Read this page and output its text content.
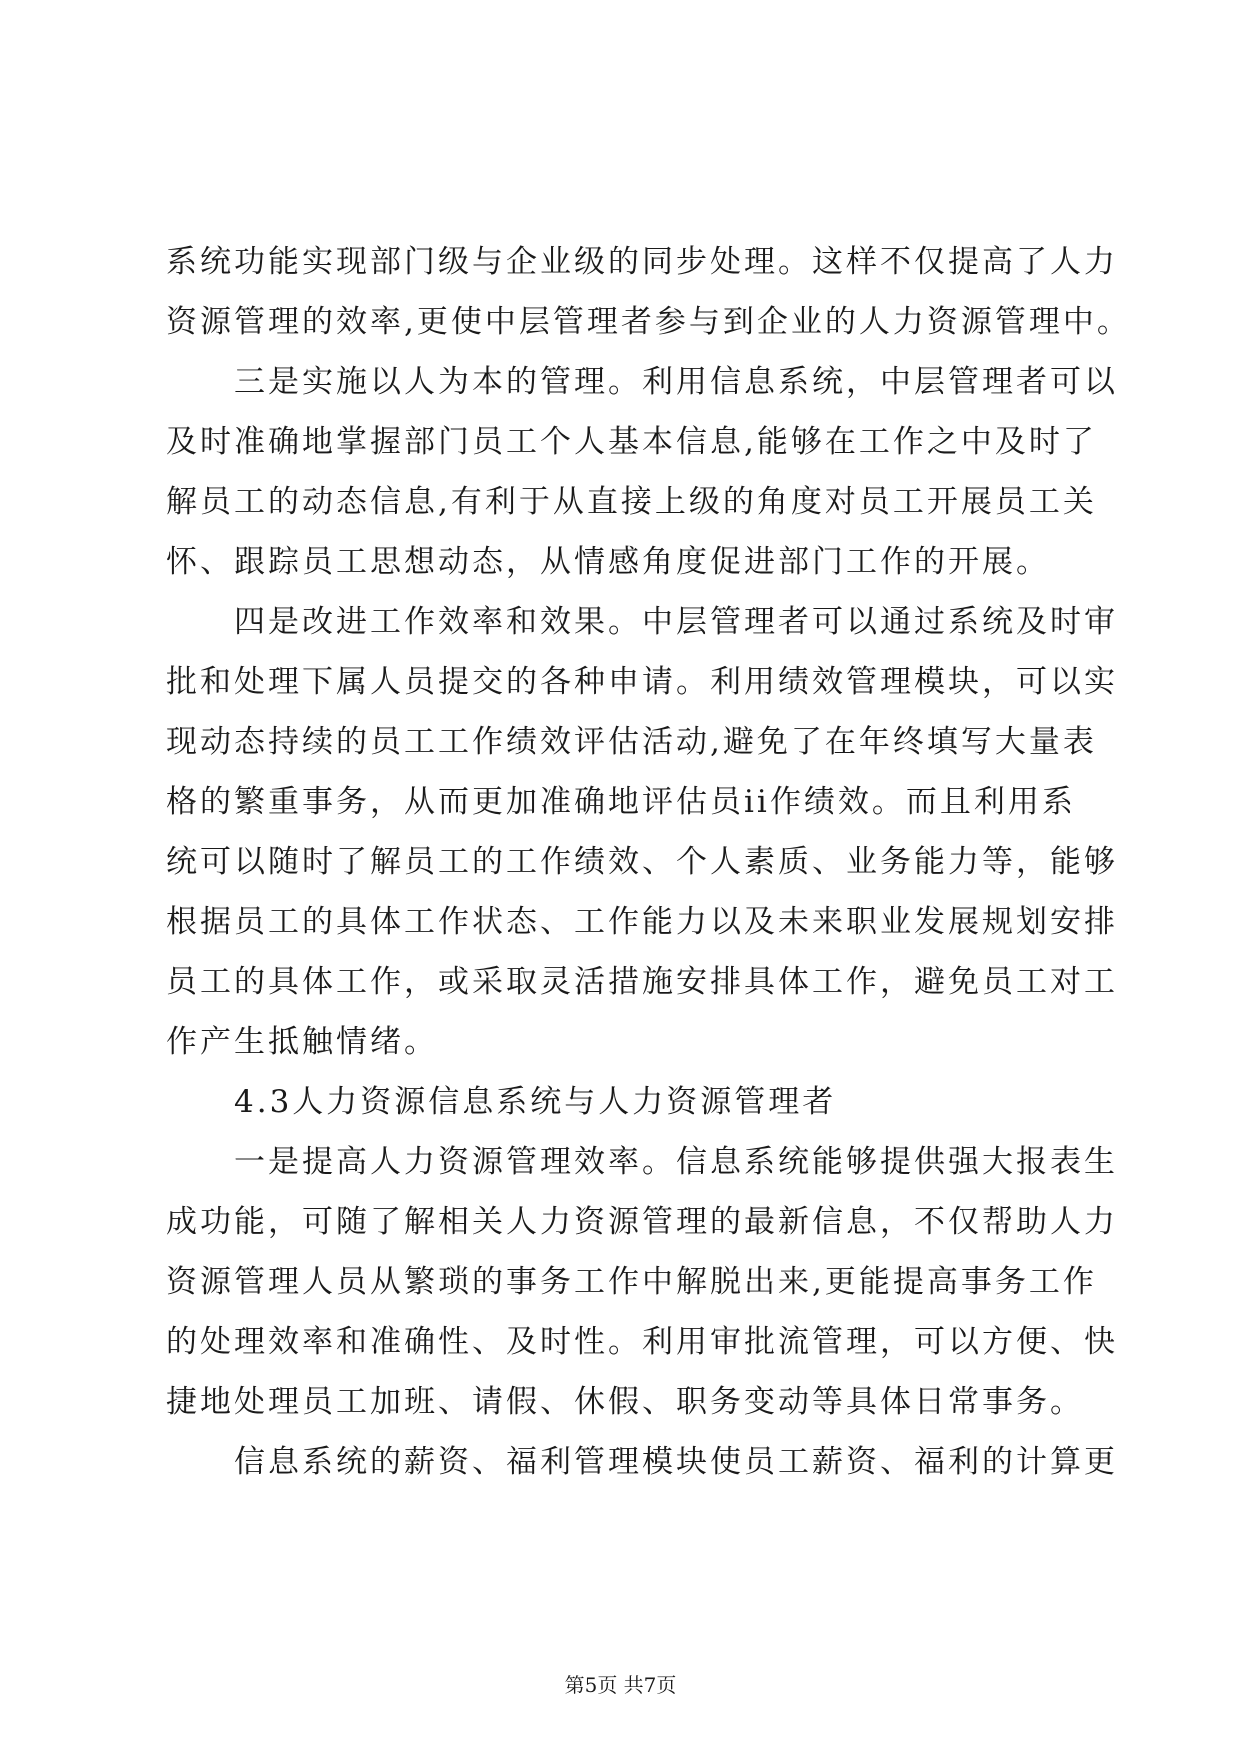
系统功能实现部门级与企业级的同步处理。这样不仅提高了人力
资源管理的效率,更使中层管理者参与到企业的人力资源管理中。
三是实施以人为本的管理。利用信息系统，中层管理者可以
及时准确地掌握部门员工个人基本信息,能够在工作之中及时了
解员工的动态信息,有利于从直接上级的角度对员工开展员工关
怀、跟踪员工思想动态，从情感角度促进部门工作的开展。
四是改进工作效率和效果。中层管理者可以通过系统及时审
批和处理下属人员提交的各种申请。利用绩效管理模块，可以实
现动态持续的员工工作绩效评估活动,避免了在年终填写大量表
格的繁重事务，从而更加准确地评估员ii作绩效。而且利用系
统可以随时了解员工的工作绩效、个人素质、业务能力等，能够
根据员工的具体工作状态、工作能力以及未来职业发展规划安排
员工的具体工作，或采取灵活措施安排具体工作，避免员工对工
作产生抵触情绪。
4.3人力资源信息系统与人力资源管理者
一是提高人力资源管理效率。信息系统能够提供强大报表生
成功能，可随了解相关人力资源管理的最新信息，不仅帮助人力
资源管理人员从繁琐的事务工作中解脱出来,更能提高事务工作
的处理效率和准确性、及时性。利用审批流管理，可以方便、快
捷地处理员工加班、请假、休假、职务变动等具体日常事务。
信息系统的薪资、福利管理模块使员工薪资、福利的计算更
第5页 共7页
